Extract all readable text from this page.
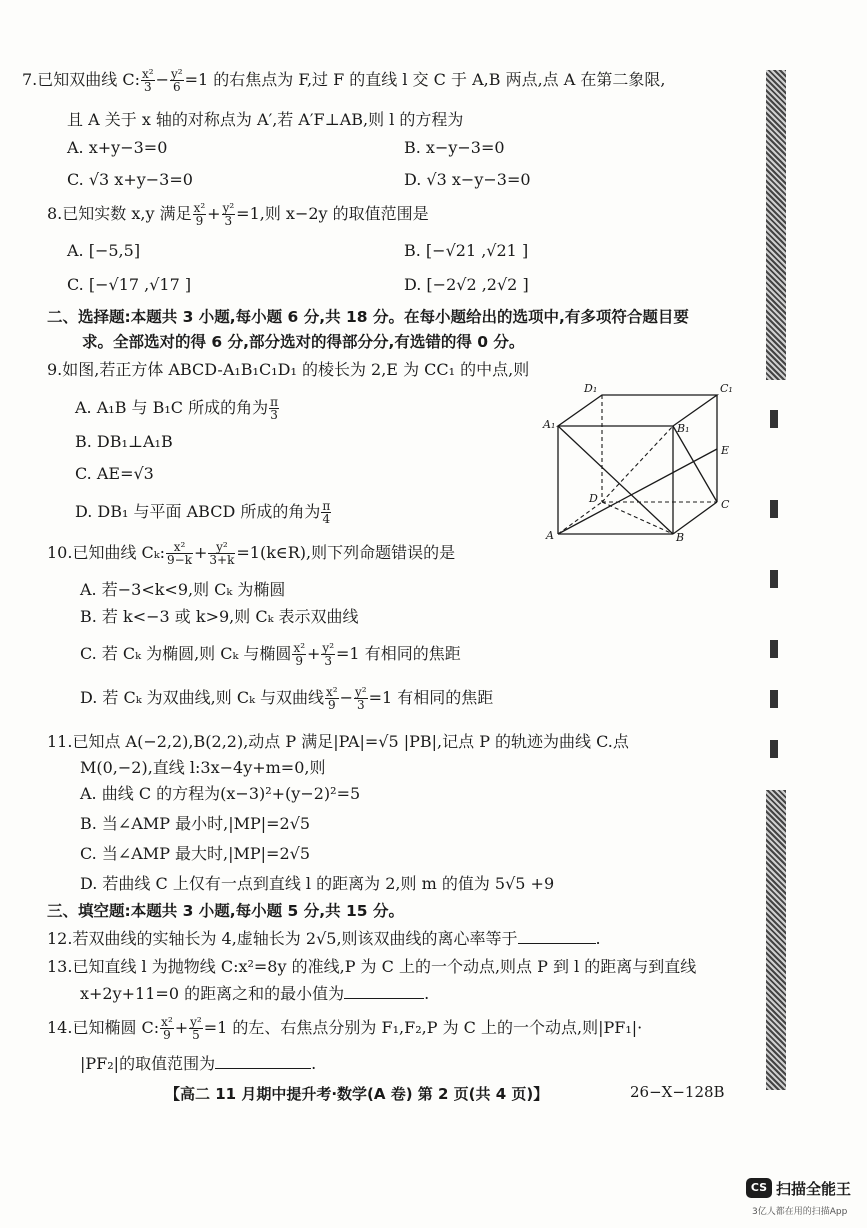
7.已知双曲线 C: $\frac{\text{x²}}{3} - \frac{\text{y²}}{6} =1$ 的右焦点为 F,过 F 的直线 l 交 C 于 A,B 两点,点 A 在第二象限,
且 A 关于 x 轴的对称点为 A′,若 A′F⊥AB,则 l 的方程为
A. x+y−3=0	B. x−y−3=0
C. √3 x+y−3=0	D. √3 x−y−3=0
8.已知实数 x,y 满足 $\frac{\text{x²}}{9} + \frac{\text{y²}}{3} =1$,则 x−2y 的取值范围是
A. [−5,5]	B. [−√21 ,√21 ]
C. [−√17 ,√17 ]	D. [−2√2 ,2√2 ]
二、选择题:本题共 3 小题,每小题 6 分,共 18 分。在每小题给出的选项中,有多项符合题目要
求。全部选对的得 6 分,部分选对的得部分分,有选错的得 0 分。
9.如图,若正方体 ABCD-A₁B₁C₁D₁ 的棱长为 2,E 为 CC₁ 的中点,则
A. A₁B 与 B₁C 所成的角为 $\frac{\pi}{3}$
B. DB₁⊥A₁B
C. AE=√3
D. DB₁ 与平面 ABCD 所成的角为 $\frac{\pi}{4}$
D₁	C₁
A₁	B₁
E
D	C
A	B
10.已知曲线 Cₖ: $\frac{\text{x²}}{9-k} + \frac{\text{y²}}{3+k}$ =1(k∈R),则下列命题错误的是
A. 若−3<k<9,则 Cₖ 为椭圆
B. 若 k<−3 或 k>9,则 Cₖ 表示双曲线
C. 若 Cₖ 为椭圆,则 Cₖ 与椭圆 $\frac{\text{x²}}{9} + \frac{\text{y²}}{3} =1$ 有相同的焦距
D. 若 Cₖ 为双曲线,则 Cₖ 与双曲线 $\frac{\text{x²}}{9} - \frac{\text{y²}}{3} =1$ 有相同的焦距
11.已知点 A(−2,2),B(2,2),动点 P 满足|PA|=√5 |PB|,记点 P 的轨迹为曲线 C.点
M(0,−2),直线 l:3x−4y+m=0,则
A. 曲线 C 的方程为(x−3)²+(y−2)²=5
B. 当∠AMP 最小时,|MP|=2√5
C. 当∠AMP 最大时,|MP|=2√5
D. 若曲线 C 上仅有一点到直线 l 的距离为 2,则 m 的值为 5√5 +9
三、填空题:本题共 3 小题,每小题 5 分,共 15 分。
12.若双曲线的实轴长为 4,虚轴长为 2√5,则该双曲线的离心率等于	.
13.已知直线 l 为抛物线 C:x²=8y 的准线,P 为 C 上的一个动点,则点 P 到 l 的距离与到直线
x+2y+11=0 的距离之和的最小值为	.
14.已知椭圆 C: $\frac{\text{x²}}{9} + \frac{\text{y²}}{5} =1$ 的左、右焦点分别为 F₁,F₂,P 为 C 上的一个动点,则|PF₁|·
|PF₂|的取值范围为	.
【高二 11 月期中提升考·数学(A 卷) 第 2 页(共 4 页)】	26−X−128B
CS 扫描全能王
3亿人都在用的扫描App
